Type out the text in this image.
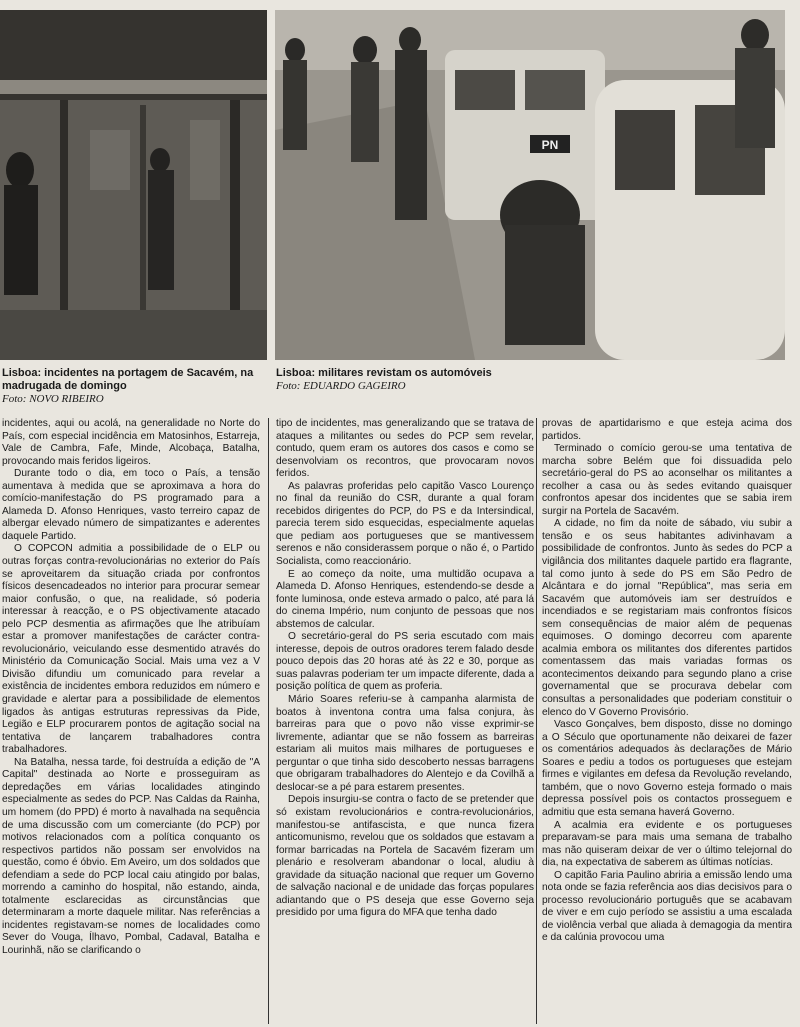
PN
Lisboa: incidentes na portagem de Sacavém, na madrugada de domingo
Foto: NOVO RIBEIRO
Lisboa: militares revistam os automóveis
Foto: EDUARDO GAGEIRO

incidentes, aqui ou acolá, na generalidade no Norte do País, com especial incidência em Matosinhos, Estarreja, Vale de Cambra, Fafe, Minde, Alcobaça, Batalha, provocando mais feridos ligeiros.

Durante todo o dia, em toco o País, a tensão aumentava à medida que se aproximava a hora do comício-manifestação do PS programado para a Alameda D. Afonso Henriques, vasto terreiro capaz de albergar elevado número de simpatizantes e aderentes daquele Partido.

O COPCON admitia a possibilidade de o ELP ou outras forças contra-revolucionárias no exterior do País se aproveitarem da situação criada por confrontos físicos desencadeados no interior para procurar semear maior confusão, o que, na realidade, só poderia interessar à reacção, e o PS objectivamente atacado pelo PCP desmentia as afirmações que lhe atribuíam estar a promover manifestações de carácter contra-revolucionário, veiculando esse desmentido através do Ministério da Comunicação Social. Mais uma vez a V Divisão difundiu um comunicado para revelar a existência de incidentes embora reduzidos em número e gravidade e alertar para a possibilidade de elementos ligados às antigas estruturas repressivas da Pide, Legião e ELP procurarem pontos de agitação social na tentativa de lançarem trabalhadores contra trabalhadores.

Na Batalha, nessa tarde, foi destruída a edição de "A Capital" destinada ao Norte e prosseguiram as depredações em várias localidades atingindo especialmente as sedes do PCP. Nas Caldas da Rainha, um homem (do PPD) é morto à navalhada na sequência de uma discussão com um comerciante (do PCP) por motivos relacionados com a política conquanto os respectivos partidos não possam ser envolvidos na questão, como é óbvio. Em Aveiro, um dos soldados que defendiam a sede do PCP local caiu atingido por balas, morrendo a caminho do hospital, não estando, ainda, totalmente esclarecidas as circunstâncias que determinaram a morte daquele militar. Nas referências a incidentes registavam-se nomes de localidades como Sever do Vouga, Ílhavo, Pombal, Cadaval, Batalha e Lourinhã, não se clarificando o

tipo de incidentes, mas generalizando que se tratava de ataques a militantes ou sedes do PCP sem revelar, contudo, quem eram os autores dos casos e como se desenvolviam os recontros, que provocaram novos feridos.

As palavras proferidas pelo capitão Vasco Lourenço no final da reunião do CSR, durante a qual foram recebidos dirigentes do PCP, do PS e da Intersindical, parecia terem sido esquecidas, especialmente aquelas que pediam aos portugueses que se mantivessem serenos e não considerassem porque o não é, o Partido Socialista, como reaccionário.

E ao começo da noite, uma multidão ocupava a Alameda D. Afonso Henriques, estendendo-se desde a fonte luminosa, onde esteva armado o palco, até para lá do cinema Império, num conjunto de pessoas que nos abstemos de calcular.

O secretário-geral do PS seria escutado com mais interesse, depois de outros oradores terem falado desde pouco depois das 20 horas até às 22 e 30, porque as suas palavras poderiam ter um impacte diferente, dada a posição política de quem as proferia.

Mário Soares referiu-se à campanha alarmista de boatos à inventona contra uma falsa conjura, às barreiras para que o povo não visse exprimir-se livremente, adiantar que se não fossem as barreiras estariam ali muitos mais milhares de portugueses e perguntar o que tinha sido descoberto nessas barragens que obrigaram trabalhadores do Alentejo e da Covilhã a deslocar-se a pé para estarem presentes.

Depois insurgiu-se contra o facto de se pretender que só existam revolucionários e contra-revolucionários, manifestou-se antifascista, e que nunca fizera anticomunismo, revelou que os soldados que estavam a formar barricadas na Portela de Sacavém fizeram um plenário e resolveram abandonar o local, aludiu à gravidade da situação nacional que requer um Governo de salvação nacional e de unidade das forças populares adiantando que o PS deseja que esse Governo seja presidido por uma figura do MFA que tenha dado

provas de apartidarismo e que esteja acima dos partidos.

Terminado o comício gerou-se uma tentativa de marcha sobre Belém que foi dissuadida pelo secretário-geral do PS ao aconselhar os militantes a recolher a casa ou às sedes evitando quaisquer confrontos apesar dos incidentes que se sabia irem surgir na Portela de Sacavém.

A cidade, no fim da noite de sábado, viu subir a tensão e os seus habitantes adivinhavam a possibilidade de confrontos. Junto às sedes do PCP a vigilância dos militantes daquele partido era flagrante, tal como junto à sede do PS em São Pedro de Alcântara e do jornal "República", mas seria em Sacavém que automóveis iam ser destruídos e incendiados e se registariam mais confrontos físicos sem consequências de maior além de pequenas equimoses. O domingo decorreu com aparente acalmia embora os militantes dos diferentes partidos comentassem das mais variadas formas os acontecimentos deixando para segundo plano a crise governamental que se procurava debelar com consultas a personalidades que poderiam constituir o elenco do V Governo Provisório.

Vasco Gonçalves, bem disposto, disse no domingo a O Século que oportunamente não deixarei de fazer os comentários adequados às declarações de Mário Soares e pediu a todos os portugueses que estejam firmes e vigilantes em defesa da Revolução revelando, também, que o novo Governo esteja formado o mais depressa possível pois os contactos prosseguem e admitiu que esta semana haverá Governo.

A acalmia era evidente e os portugueses preparavam-se para mais uma semana de trabalho mas não quiseram deixar de ver o último telejornal do dia, na expectativa de saberem as últimas notícias.

O capitão Faria Paulino abriria a emissão lendo uma nota onde se fazia referência aos dias decisivos para o processo revolucionário português que se acabavam de viver e em cujo período se assistiu a uma escalada de violência verbal que aliada à demagogia da mentira e da calúnia provocou uma
